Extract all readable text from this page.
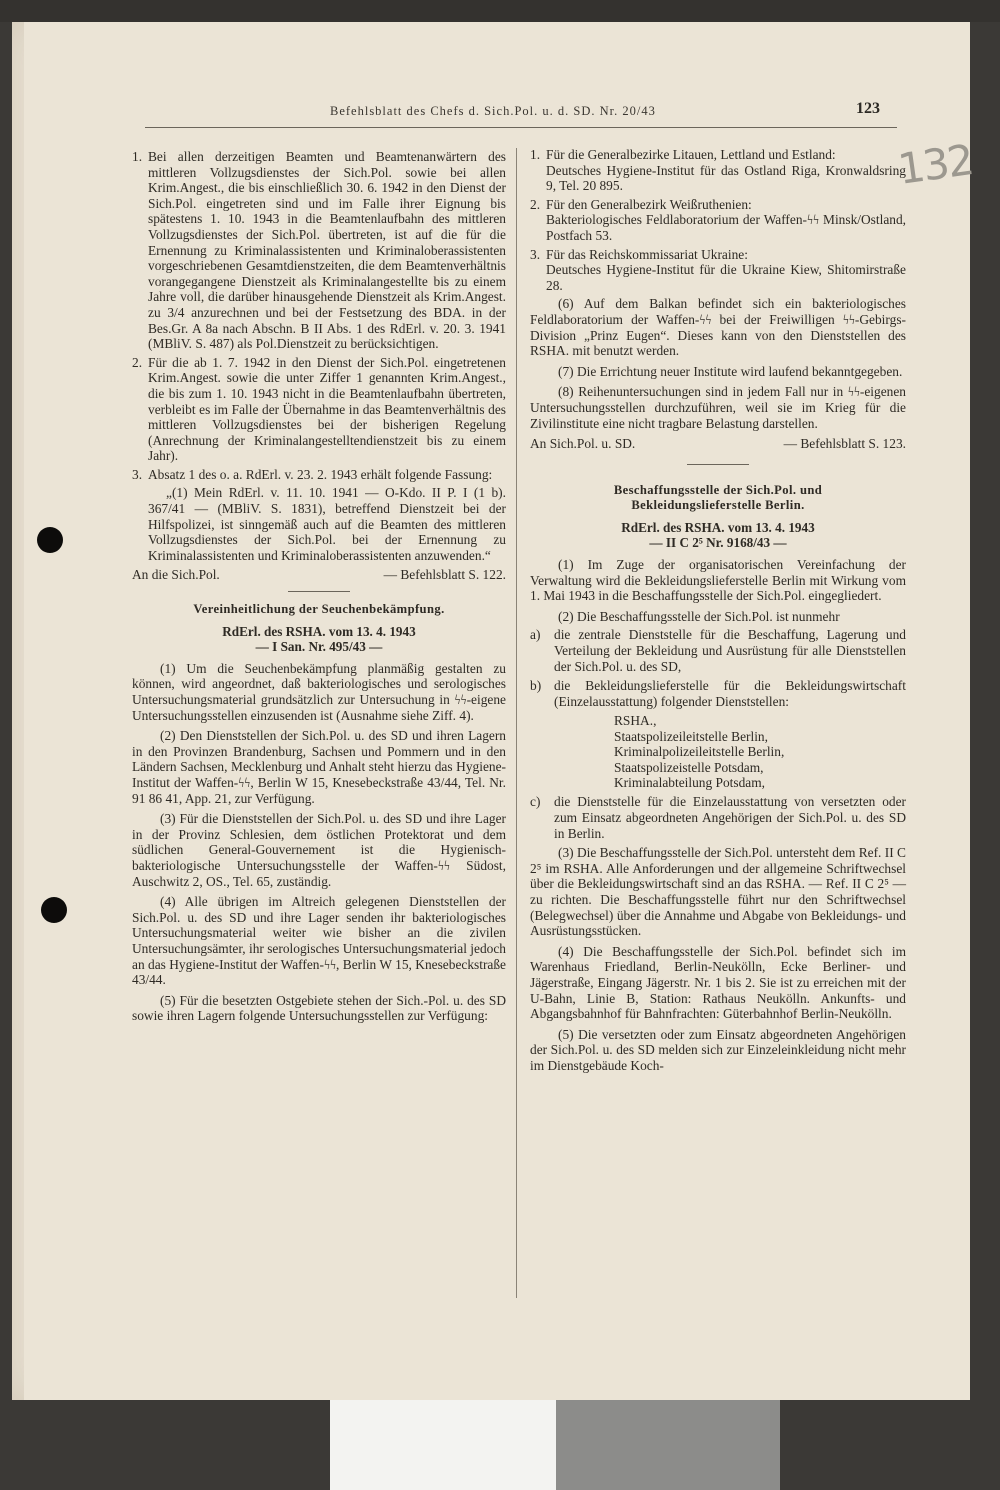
Befehlsblatt des Chefs d. Sich.Pol. u. d. SD. Nr. 20/43	123
132
1. Bei allen derzeitigen Beamten und Beamtenanwärtern des mittleren Vollzugsdienstes der Sich.Pol. sowie bei allen Krim.Angest., die bis einschließlich 30. 6. 1942 in den Dienst der Sich.Pol. eingetreten sind und im Falle ihrer Eignung bis spätestens 1. 10. 1943 in die Beamtenlaufbahn des mittleren Vollzugsdienstes der Sich.Pol. übertreten, ist auf die für die Ernennung zu Kriminalassistenten und Kriminaloberassistenten vorgeschriebenen Gesamtdienstzeiten, die dem Beamtenverhältnis vorangegangene Dienstzeit als Kriminalangestellte bis zu einem Jahre voll, die darüber hinausgehende Dienstzeit als Krim.Angest. zu 3/4 anzurechnen und bei der Festsetzung des BDA. in der Bes.Gr. A 8a nach Abschn. B II Abs. 1 des RdErl. v. 20. 3. 1941 (MBliV. S. 487) als Pol.Dienstzeit zu berücksichtigen.
2. Für die ab 1. 7. 1942 in den Dienst der Sich.Pol. eingetretenen Krim.Angest. sowie die unter Ziffer 1 genannten Krim.Angest., die bis zum 1. 10. 1943 nicht in die Beamtenlaufbahn übertreten, verbleibt es im Falle der Übernahme in das Beamtenverhältnis des mittleren Vollzugsdienstes bei der bisherigen Regelung (Anrechnung der Kriminalangestelltendienstzeit bis zu einem Jahr).
3. Absatz 1 des o. a. RdErl. v. 23. 2. 1943 erhält folgende Fassung:
„(1) Mein RdErl. v. 11. 10. 1941 — O-Kdo. II P. I (1 b). 367/41 — (MBliV. S. 1831), betreffend Dienstzeit bei der Hilfspolizei, ist sinngemäß auch auf die Beamten des mittleren Vollzugsdienstes der Sich.Pol. bei der Ernennung zu Kriminalassistenten und Kriminaloberassistenten anzuwenden.“
An die Sich.Pol.	— Befehlsblatt S. 122.
Vereinheitlichung der Seuchenbekämpfung.
RdErl. des RSHA. vom 13. 4. 1943
— I San. Nr. 495/43 —
(1) Um die Seuchenbekämpfung planmäßig gestalten zu können, wird angeordnet, daß bakteriologisches und serologisches Untersuchungsmaterial grundsätzlich zur Untersuchung in ϟϟ-eigene Untersuchungsstellen einzusenden ist (Ausnahme siehe Ziff. 4).
(2) Den Dienststellen der Sich.Pol. u. des SD und ihren Lagern in den Provinzen Brandenburg, Sachsen und Pommern und in den Ländern Sachsen, Mecklenburg und Anhalt steht hierzu das Hygiene-Institut der Waffen-ϟϟ, Berlin W 15, Knesebeckstraße 43/44, Tel. Nr. 91 86 41, App. 21, zur Verfügung.
(3) Für die Dienststellen der Sich.Pol. u. des SD und ihre Lager in der Provinz Schlesien, dem östlichen Protektorat und dem südlichen General-Gouvernement ist die Hygienisch-bakteriologische Untersuchungsstelle der Waffen-ϟϟ Südost, Auschwitz 2, OS., Tel. 65, zuständig.
(4) Alle übrigen im Altreich gelegenen Dienststellen der Sich.Pol. u. des SD und ihre Lager senden ihr bakteriologisches Untersuchungsmaterial weiter wie bisher an die zivilen Untersuchungsämter, ihr serologisches Untersuchungsmaterial jedoch an das Hygiene-Institut der Waffen-ϟϟ, Berlin W 15, Knesebeckstraße 43/44.
(5) Für die besetzten Ostgebiete stehen der Sich.-Pol. u. des SD sowie ihren Lagern folgende Untersuchungsstellen zur Verfügung:
1. Für die Generalbezirke Litauen, Lettland und Estland:
Deutsches Hygiene-Institut für das Ostland Riga, Kronwaldsring 9, Tel. 20 895.
2. Für den Generalbezirk Weißruthenien:
Bakteriologisches Feldlaboratorium der Waffen-ϟϟ Minsk/Ostland, Postfach 53.
3. Für das Reichskommissariat Ukraine:
Deutsches Hygiene-Institut für die Ukraine Kiew, Shitomirstraße 28.
(6) Auf dem Balkan befindet sich ein bakteriologisches Feldlaboratorium der Waffen-ϟϟ bei der Freiwilligen ϟϟ-Gebirgs-Division „Prinz Eugen“. Dieses kann von den Dienststellen des RSHA. mit benutzt werden.
(7) Die Errichtung neuer Institute wird laufend bekanntgegeben.
(8) Reihenuntersuchungen sind in jedem Fall nur in ϟϟ-eigenen Untersuchungsstellen durchzuführen, weil sie im Krieg für die Zivilinstitute eine nicht tragbare Belastung darstellen.
An Sich.Pol. u. SD.	— Befehlsblatt S. 123.
Beschaffungsstelle der Sich.Pol. und Bekleidungslieferstelle Berlin.
RdErl. des RSHA. vom 13. 4. 1943
— II C 2⁵ Nr. 9168/43 —
(1) Im Zuge der organisatorischen Vereinfachung der Verwaltung wird die Bekleidungslieferstelle Berlin mit Wirkung vom 1. Mai 1943 in die Beschaffungsstelle der Sich.Pol. eingegliedert.
(2) Die Beschaffungsstelle der Sich.Pol. ist nunmehr
a)	die zentrale Dienststelle für die Beschaffung, Lagerung und Verteilung der Bekleidung und Ausrüstung für alle Dienststellen der Sich.Pol. u. des SD,
b) die Bekleidungslieferstelle für die Bekleidungswirtschaft (Einzelausstattung) folgender Dienststellen:
RSHA.,
Staatspolizeileitstelle Berlin,
Kriminalpolizeileitstelle Berlin,
Staatspolizeistelle Potsdam,
Kriminalabteilung Potsdam,
c)	die Dienststelle für die Einzelausstattung von versetzten oder zum Einsatz abgeordneten Angehörigen der Sich.Pol. u. des SD in Berlin.
(3) Die Beschaffungsstelle der Sich.Pol. untersteht dem Ref. II C 2⁵ im RSHA. Alle Anforderungen und der allgemeine Schriftwechsel über die Bekleidungswirtschaft sind an das RSHA. — Ref. II C 2⁵ — zu richten. Die Beschaffungsstelle führt nur den Schriftwechsel (Belegwechsel) über die Annahme und Abgabe von Bekleidungs- und Ausrüstungsstücken.
(4) Die Beschaffungsstelle der Sich.Pol. befindet sich im Warenhaus Friedland, Berlin-Neukölln, Ecke Berliner- und Jägerstraße, Eingang Jägerstr. Nr. 1 bis 2. Sie ist zu erreichen mit der U-Bahn, Linie B, Station: Rathaus Neukölln. Ankunfts- und Abgangsbahnhof für Bahnfrachten: Güterbahnhof Berlin-Neukölln.
(5) Die versetzten oder zum Einsatz abgeordneten Angehörigen der Sich.Pol. u. des SD melden sich zur Einzeleinkleidung nicht mehr im Dienstgebäude Koch-
